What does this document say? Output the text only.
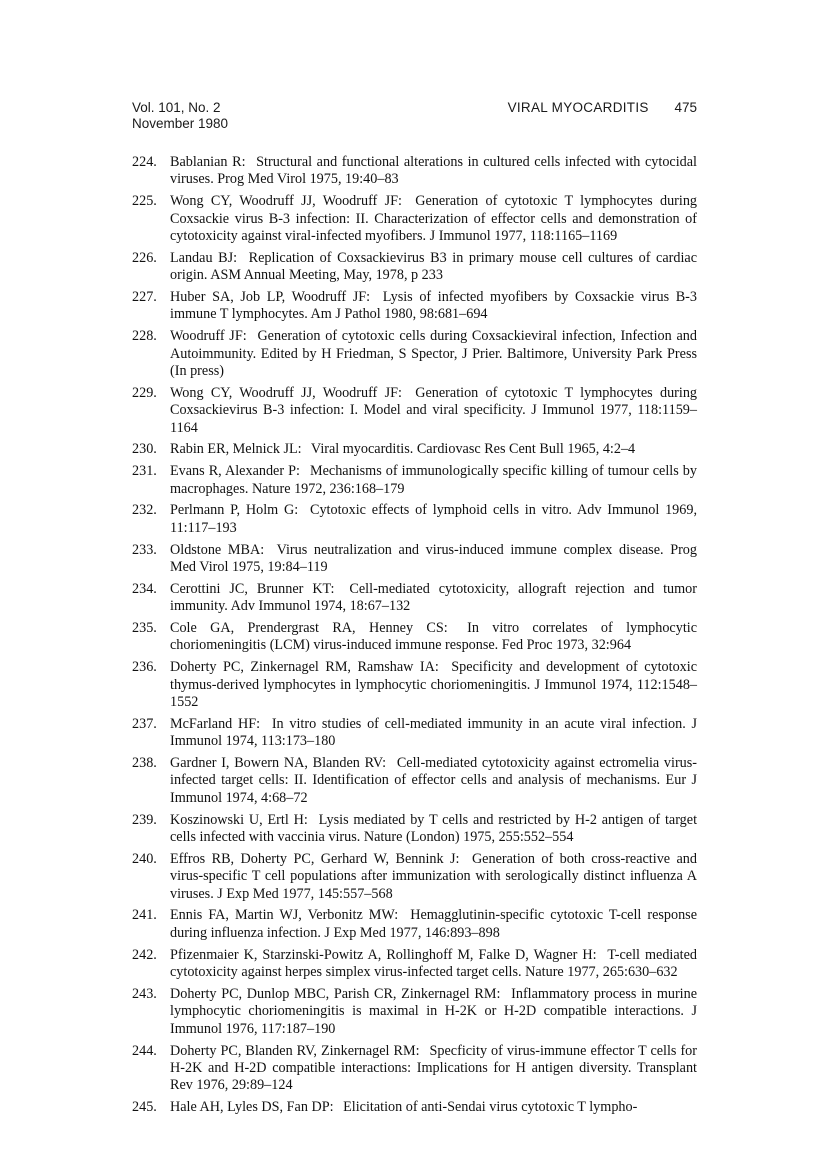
Vol. 101, No. 2
November 1980
VIRAL MYOCARDITIS 475
224. Bablanian R: Structural and functional alterations in cultured cells infected with cytocidal viruses. Prog Med Virol 1975, 19:40–83
225. Wong CY, Woodruff JJ, Woodruff JF: Generation of cytotoxic T lymphocytes during Coxsackie virus B-3 infection: II. Characterization of effector cells and demonstration of cytotoxicity against viral-infected myofibers. J Immunol 1977, 118:1165–1169
226. Landau BJ: Replication of Coxsackievirus B3 in primary mouse cell cultures of cardiac origin. ASM Annual Meeting, May, 1978, p 233
227. Huber SA, Job LP, Woodruff JF: Lysis of infected myofibers by Coxsackie virus B-3 immune T lymphocytes. Am J Pathol 1980, 98:681–694
228. Woodruff JF: Generation of cytotoxic cells during Coxsackieviral infection, Infection and Autoimmunity. Edited by H Friedman, S Spector, J Prier. Baltimore, University Park Press (In press)
229. Wong CY, Woodruff JJ, Woodruff JF: Generation of cytotoxic T lymphocytes during Coxsackievirus B-3 infection: I. Model and viral specificity. J Immunol 1977, 118:1159–1164
230. Rabin ER, Melnick JL: Viral myocarditis. Cardiovasc Res Cent Bull 1965, 4:2–4
231. Evans R, Alexander P: Mechanisms of immunologically specific killing of tumour cells by macrophages. Nature 1972, 236:168–179
232. Perlmann P, Holm G: Cytotoxic effects of lymphoid cells in vitro. Adv Immunol 1969, 11:117–193
233. Oldstone MBA: Virus neutralization and virus-induced immune complex disease. Prog Med Virol 1975, 19:84–119
234. Cerottini JC, Brunner KT: Cell-mediated cytotoxicity, allograft rejection and tumor immunity. Adv Immunol 1974, 18:67–132
235. Cole GA, Prendergrast RA, Henney CS: In vitro correlates of lymphocytic choriomeningitis (LCM) virus-induced immune response. Fed Proc 1973, 32:964
236. Doherty PC, Zinkernagel RM, Ramshaw IA: Specificity and development of cytotoxic thymus-derived lymphocytes in lymphocytic choriomeningitis. J Immunol 1974, 112:1548–1552
237. McFarland HF: In vitro studies of cell-mediated immunity in an acute viral infection. J Immunol 1974, 113:173–180
238. Gardner I, Bowern NA, Blanden RV: Cell-mediated cytotoxicity against ectromelia virus-infected target cells: II. Identification of effector cells and analysis of mechanisms. Eur J Immunol 1974, 4:68–72
239. Koszinowski U, Ertl H: Lysis mediated by T cells and restricted by H-2 antigen of target cells infected with vaccinia virus. Nature (London) 1975, 255:552–554
240. Effros RB, Doherty PC, Gerhard W, Bennink J: Generation of both cross-reactive and virus-specific T cell populations after immunization with serologically distinct influenza A viruses. J Exp Med 1977, 145:557–568
241. Ennis FA, Martin WJ, Verbonitz MW: Hemagglutinin-specific cytotoxic T-cell response during influenza infection. J Exp Med 1977, 146:893–898
242. Pfizenmaier K, Starzinski-Powitz A, Rollinghoff M, Falke D, Wagner H: T-cell mediated cytotoxicity against herpes simplex virus-infected target cells. Nature 1977, 265:630–632
243. Doherty PC, Dunlop MBC, Parish CR, Zinkernagel RM: Inflammatory process in murine lymphocytic choriomeningitis is maximal in H-2K or H-2D compatible interactions. J Immunol 1976, 117:187–190
244. Doherty PC, Blanden RV, Zinkernagel RM: Specficity of virus-immune effector T cells for H-2K and H-2D compatible interactions: Implications for H antigen diversity. Transplant Rev 1976, 29:89–124
245. Hale AH, Lyles DS, Fan DP: Elicitation of anti-Sendai virus cytotoxic T lympho-
